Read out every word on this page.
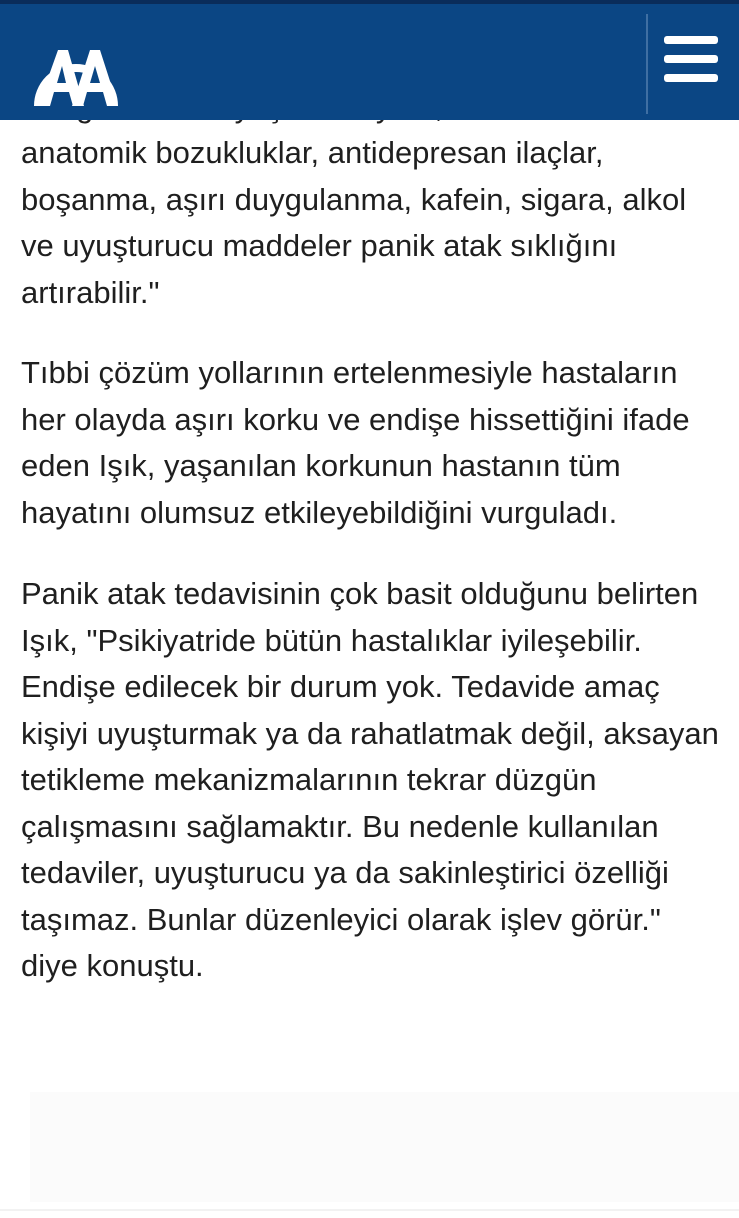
anatomik bozukluklar, antidepresan ilaçlar, boşanma, aşırı duygulanma, kafein, sigara, alkol ve uyuşturucu maddeler panik atak sıklığını artırabilir."

Tıbbi çözüm yollarının ertelenmesiyle hastaların her olayda aşırı korku ve endişe hissettiğini ifade eden Işık, yaşanılan korkunun hastanın tüm hayatını olumsuz etkileyebildiğini vurguladı.

Panik atak tedavisinin çok basit olduğunu belirten Işık, "Psikiyatride bütün hastalıklar iyileşebilir. Endişe edilecek bir durum yok. Tedavide amaç kişiyi uyuşturmak ya da rahatlatmak değil, aksayan tetikleme mekanizmalarının tekrar düzgün çalışmasını sağlamaktır. Bu nedenle kullanılan tedaviler, uyuşturucu ya da sakinleştirici özelliği taşımaz. Bunlar düzenleyici olarak işlev görür." diye konuştu.
